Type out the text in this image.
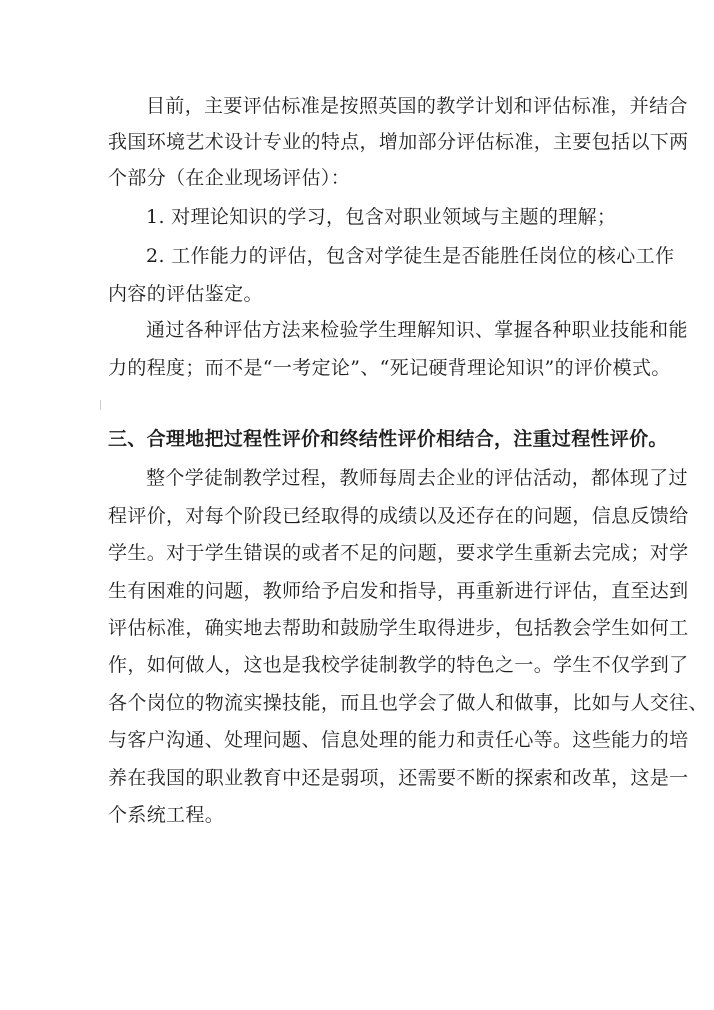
目前，主要评估标准是按照英国的教学计划和评估标准，并结合
我国环境艺术设计专业的特点，增加部分评估标准，主要包括以下两
个部分（在企业现场评估）：
1. 对理论知识的学习，包含对职业领域与主题的理解；
2. 工作能力的评估，包含对学徒生是否能胜任岗位的核心工作
内容的评估鉴定。
通过各种评估方法来检验学生理解知识、掌握各种职业技能和能
力的程度；而不是“一考定论”、“死记硬背理论知识”的评价模式。
三、合理地把过程性评价和终结性评价相结合，注重过程性评价。
整个学徒制教学过程，教师每周去企业的评估活动，都体现了过
程评价，对每个阶段已经取得的成绩以及还存在的问题，信息反馈给
学生。对于学生错误的或者不足的问题，要求学生重新去完成；对学
生有困难的问题，教师给予启发和指导，再重新进行评估，直至达到
评估标准，确实地去帮助和鼓励学生取得进步，包括教会学生如何工
作，如何做人，这也是我校学徒制教学的特色之一。学生不仅学到了
各个岗位的物流实操技能，而且也学会了做人和做事，比如与人交往、
与客户沟通、处理问题、信息处理的能力和责任心等。这些能力的培
养在我国的职业教育中还是弱项，还需要不断的探索和改革，这是一
个系统工程。
